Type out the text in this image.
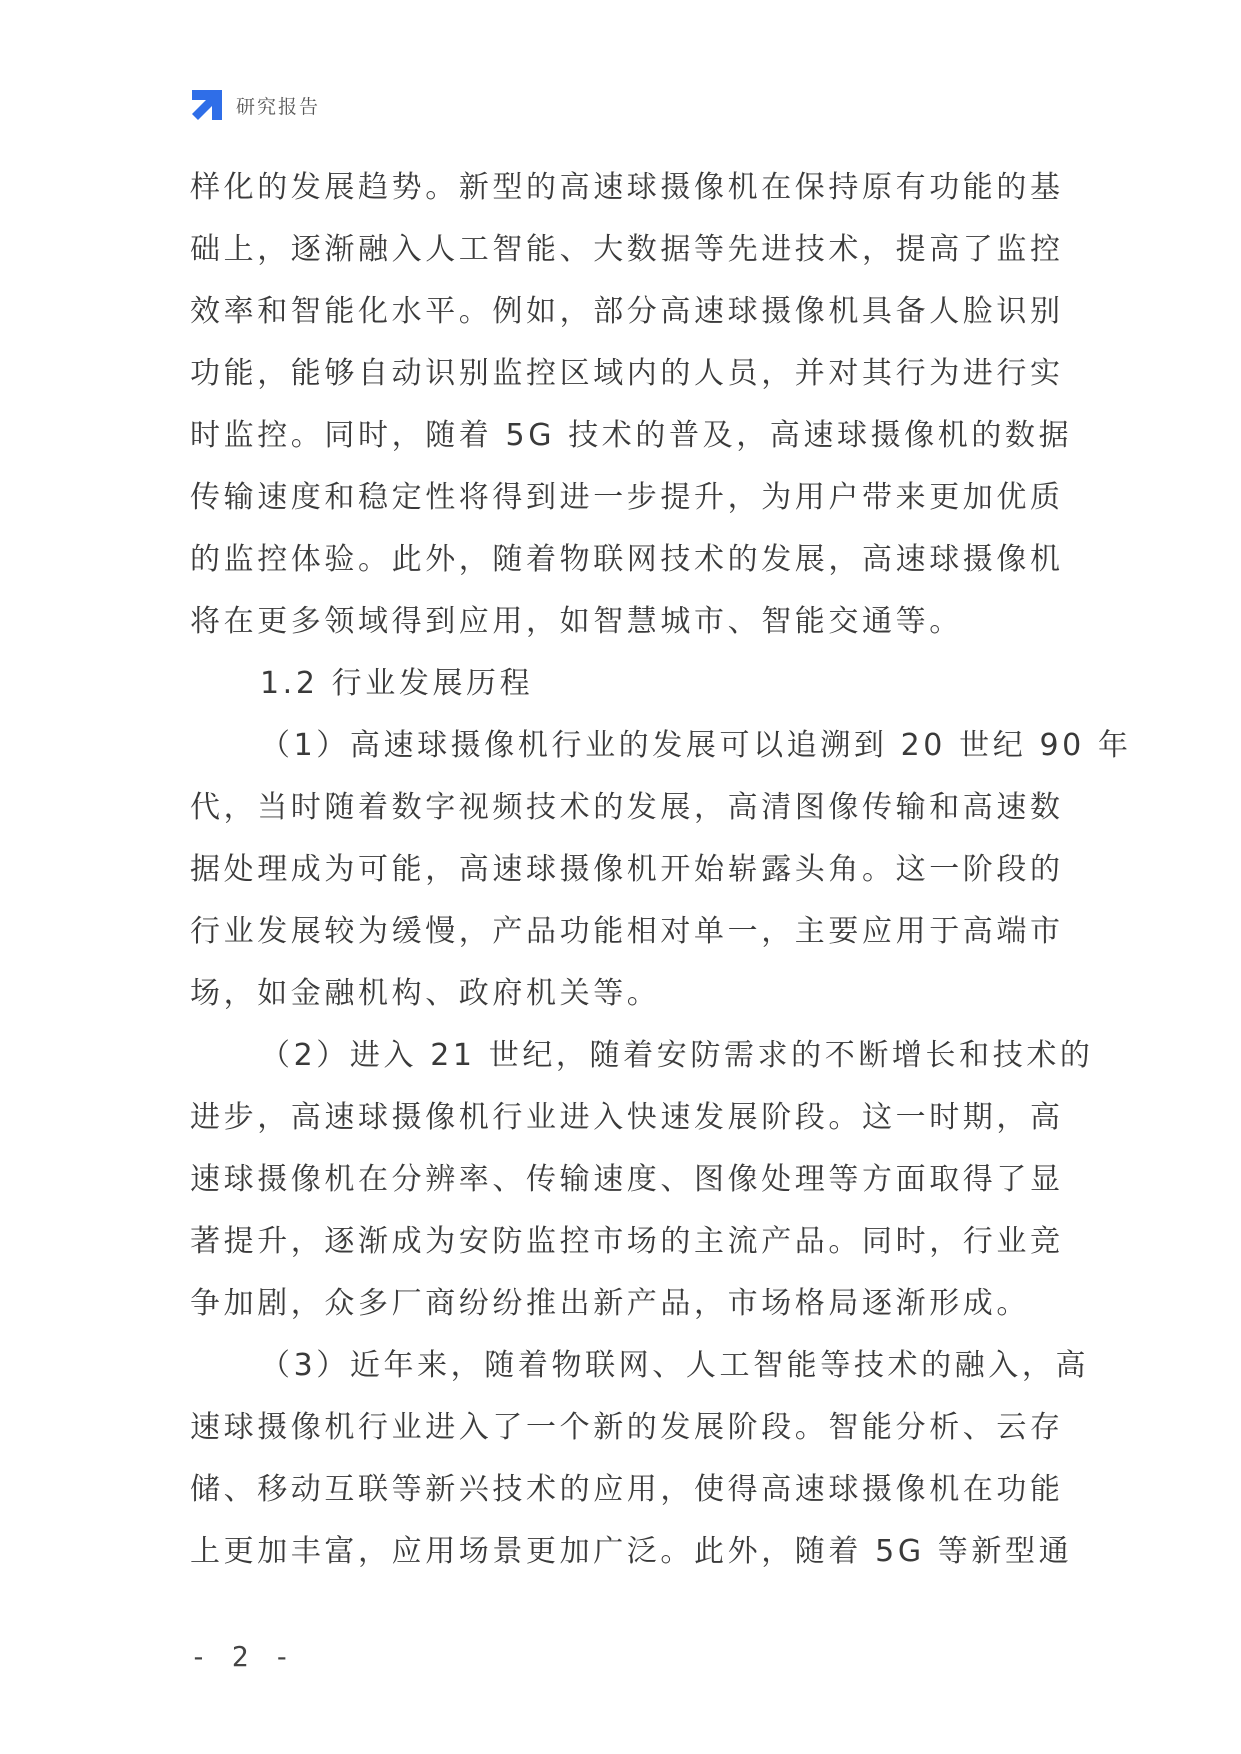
研究报告
样化的发展趋势。新型的高速球摄像机在保持原有功能的基
础上，逐渐融入人工智能、大数据等先进技术，提高了监控
效率和智能化水平。例如，部分高速球摄像机具备人脸识别
功能，能够自动识别监控区域内的人员，并对其行为进行实
时监控。同时，随着 5G 技术的普及，高速球摄像机的数据
传输速度和稳定性将得到进一步提升，为用户带来更加优质
的监控体验。此外，随着物联网技术的发展，高速球摄像机
将在更多领域得到应用，如智慧城市、智能交通等。
1.2 行业发展历程
（1）高速球摄像机行业的发展可以追溯到 20 世纪 90 年
代，当时随着数字视频技术的发展，高清图像传输和高速数
据处理成为可能，高速球摄像机开始崭露头角。这一阶段的
行业发展较为缓慢，产品功能相对单一，主要应用于高端市
场，如金融机构、政府机关等。
（2）进入 21 世纪，随着安防需求的不断增长和技术的
进步，高速球摄像机行业进入快速发展阶段。这一时期，高
速球摄像机在分辨率、传输速度、图像处理等方面取得了显
著提升，逐渐成为安防监控市场的主流产品。同时，行业竞
争加剧，众多厂商纷纷推出新产品，市场格局逐渐形成。
（3）近年来，随着物联网、人工智能等技术的融入，高
速球摄像机行业进入了一个新的发展阶段。智能分析、云存
储、移动互联等新兴技术的应用，使得高速球摄像机在功能
上更加丰富，应用场景更加广泛。此外，随着 5G 等新型通
- 2 -
